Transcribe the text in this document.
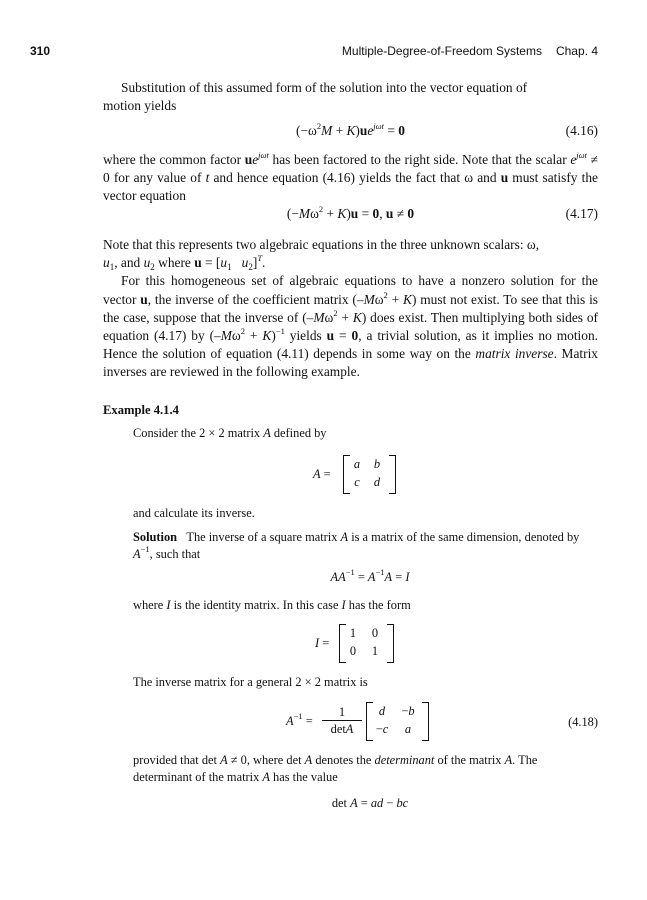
310	Multiple-Degree-of-Freedom Systems Chap. 4

Substitution of this assumed form of the solution into the vector equation of

motion yields

$(-\omega^2M + K)ue^{j\omega t} = 0$	(4.16)

where the common factor $ue^{j\omega t}$ has been factored to the right side. Note that the scalar $e^{j\omega t} \ne 0$ for any value of t and hence equation (4.16) yields the fact that ω and u must satisfy the vector equation

$(-M\omega^2 + K)u = 0$, u ≠ 0	(4.17)

Note that this represents two algebraic equations in the three unknown scalars: ω,
$u_1$, and $u_2$ where $u = [u_1$ $u_2]^T$.

For this homogeneous set of algebraic equations to have a nonzero solution for the vector u, the inverse of the coefficient matrix $(-M\omega^2 + K)$ must not exist. To see that this is the case, suppose that the inverse of $(-M\omega^2 + K)$ does exist. Then multiplying both sides of equation (4.17) by $(-M\omega^2 + K)^{-1}$ yields u = 0, a trivial solution, as it implies no motion. Hence the solution of equation (4.11) depends in some way on the matrix inverse. Matrix inverses are reviewed in the following example.

Example 4.1.4
Consider the 2 × 2 matrix A defined by
A =
a	b
c	d
and calculate its inverse.
Solution The inverse of a square matrix A is a matrix of the same dimension, denoted by $A^{-1}$, such that
$AA^{-1} = A^{-1}A = I$
where I is the identity matrix. In this case I has the form
I =
1	0
0	1
The inverse matrix for a general 2 × 2 matrix is
$A^{-1}$ =
1
detA
d	−b
−c	a	(4.18)
provided that det A ≠ 0, where det A denotes the determinant of the matrix A. The determinant of the matrix A has the value
det A = ad − bc
